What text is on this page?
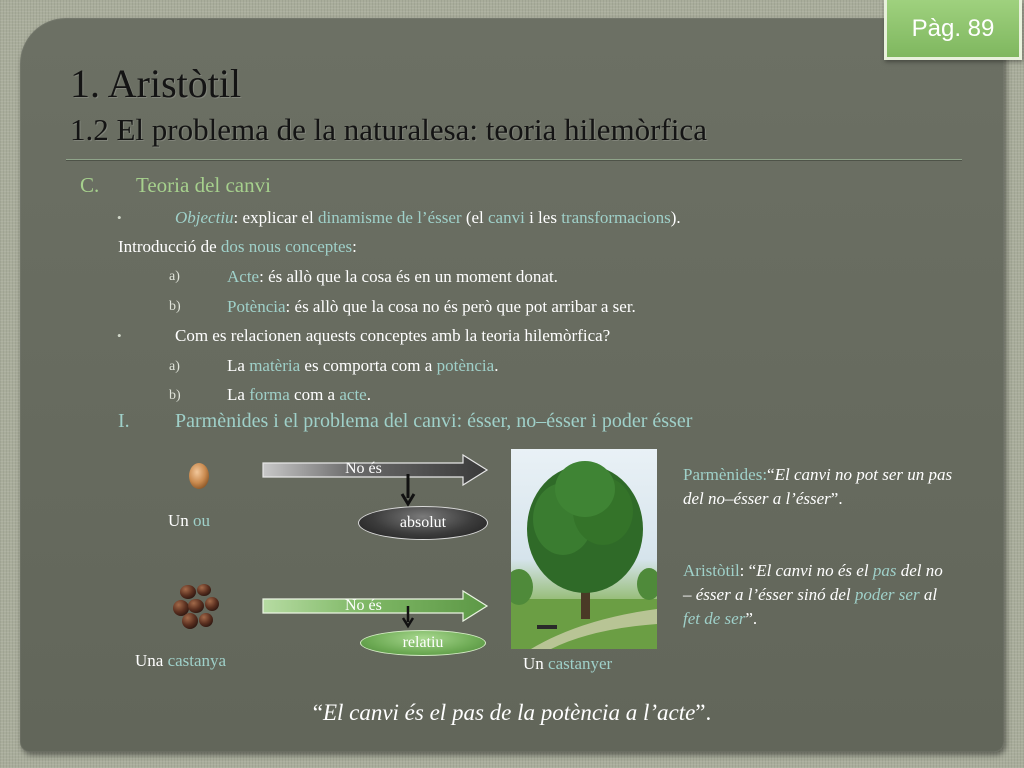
Pàg. 89
1. Aristòtil
1.2 El problema de la naturalesa: teoria hilemòrfica
C. Teoria del canvi
•	Objectiu: explicar el dinamisme de l’ésser (el canvi i les transformacions).
Introducció de dos nous conceptes:
a)	Acte: és allò que la cosa és en un moment donat.
b)	Potència: és allò que la cosa no és però que pot arribar a ser.
•	Com es relacionen aquests conceptes amb la teoria hilemòrfica?
a)	La matèria es comporta com a potència.
b)	La forma com a acte.
I. Parmènides i el problema del canvi: ésser, no–ésser i poder ésser
Un ou
Una castanya
No és
absolut
No és
relatiu
Un castanyer
Parmènides:“El canvi no pot ser un pas del no–ésser a l’ésser”.
Aristòtil: “El canvi no és el pas del no – ésser a l’ésser sinó del poder ser al fet de ser”.
“El canvi és el pas de la potència a l’acte”.
